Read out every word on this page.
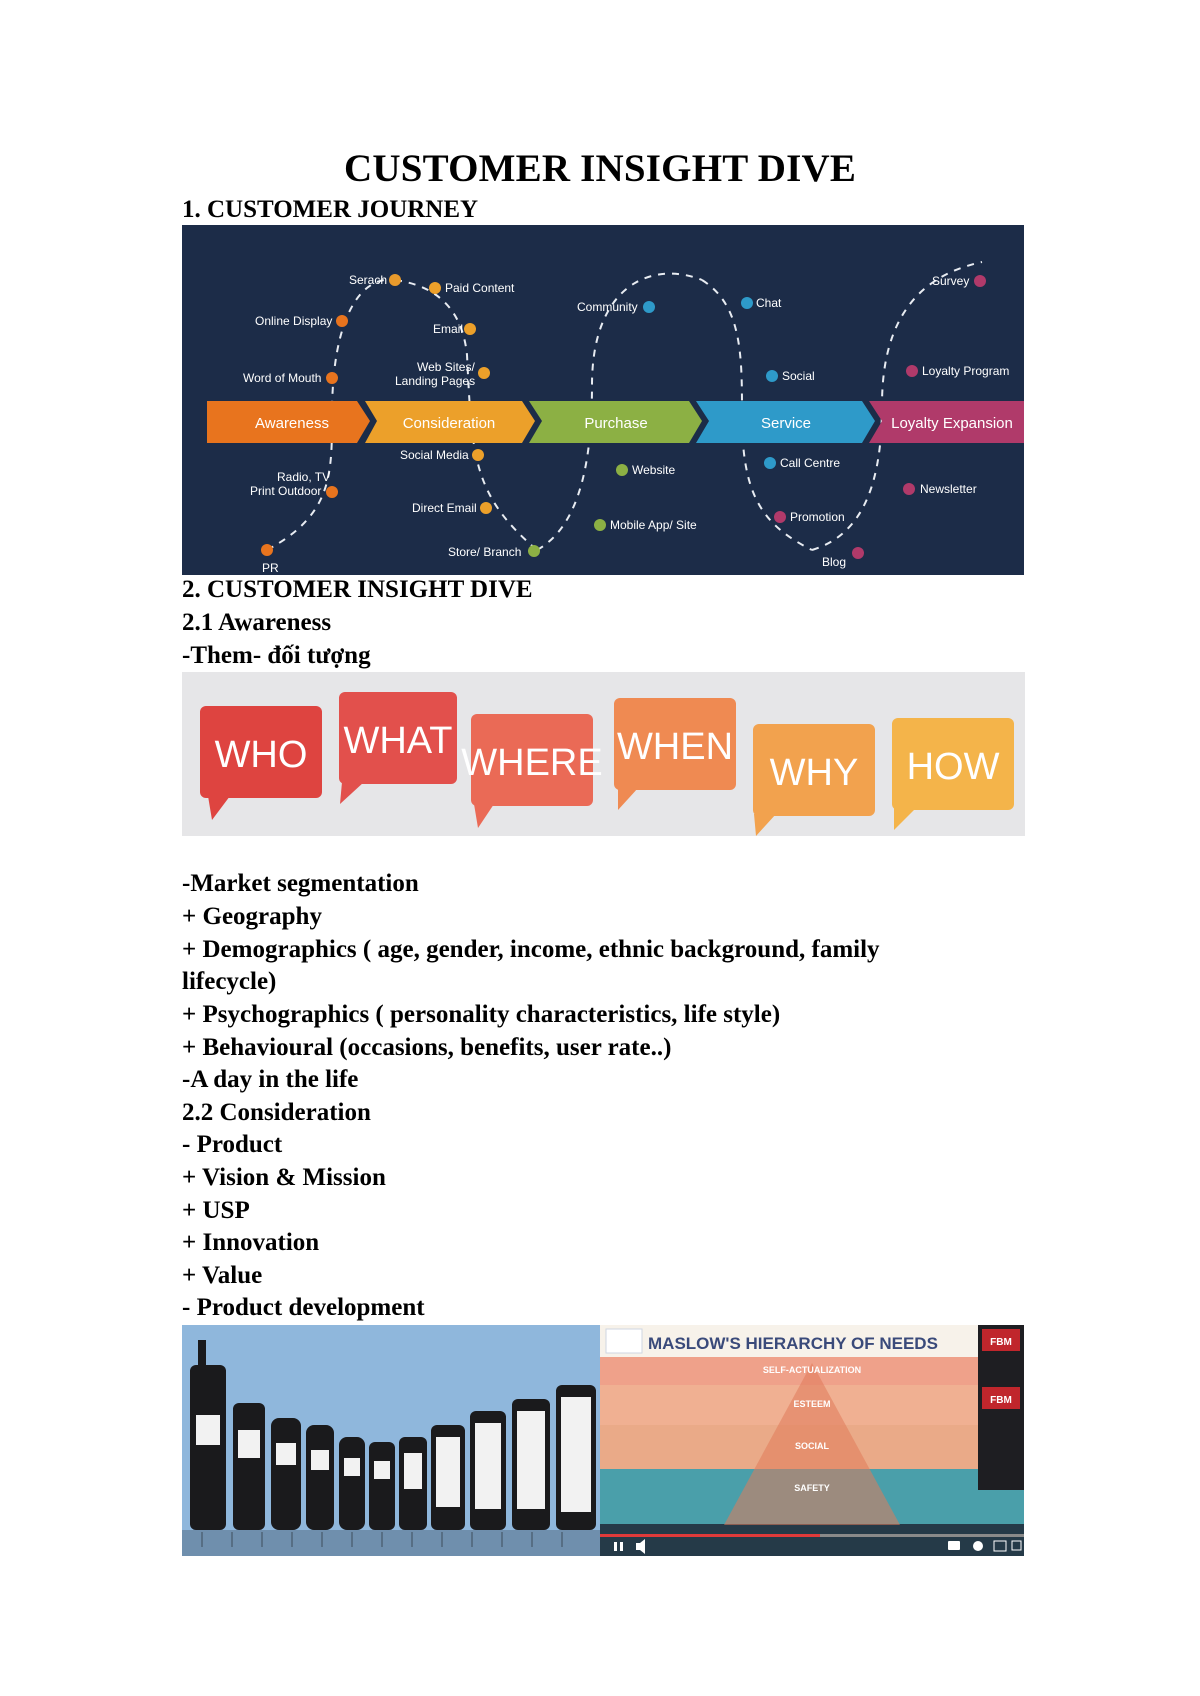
CUSTOMER INSIGHT DIVE
1. CUSTOMER JOURNEY
Awareness	Consideration	Purchase	Service	Loyalty Expansion
Serach
Online Display
Word of Mouth
Radio, TV
Print Outdoor
PR
Paid Content
Email
Web Sites/
Landing Pages
Social Media
Direct Email
Store/ Branch
Community
Website
Mobile App/ Site
Chat
Social
Call Centre
Promotion
Blog
Survey
Loyalty Program
Newsletter
2. CUSTOMER INSIGHT DIVE
2.1 Awareness
-Them- đối tượng
WHO WHAT
WHERE WHEN
WHY HOW
-Market segmentation
+ Geography
+ Demographics ( age, gender, income, ethnic background, family
lifecycle)
+ Psychographics ( personality characteristics, life style)
+ Behavioural (occasions, benefits, user rate..)
-A day in the life
2.2 Consideration
- Product
+ Vision & Mission
+ USP
+ Innovation
+ Value
- Product development
FBM
FBM
MASLOW'S HIERARCHY OF NEEDS
SELF-ACTUALIZATION
ESTEEM
SOCIAL
SAFETY
